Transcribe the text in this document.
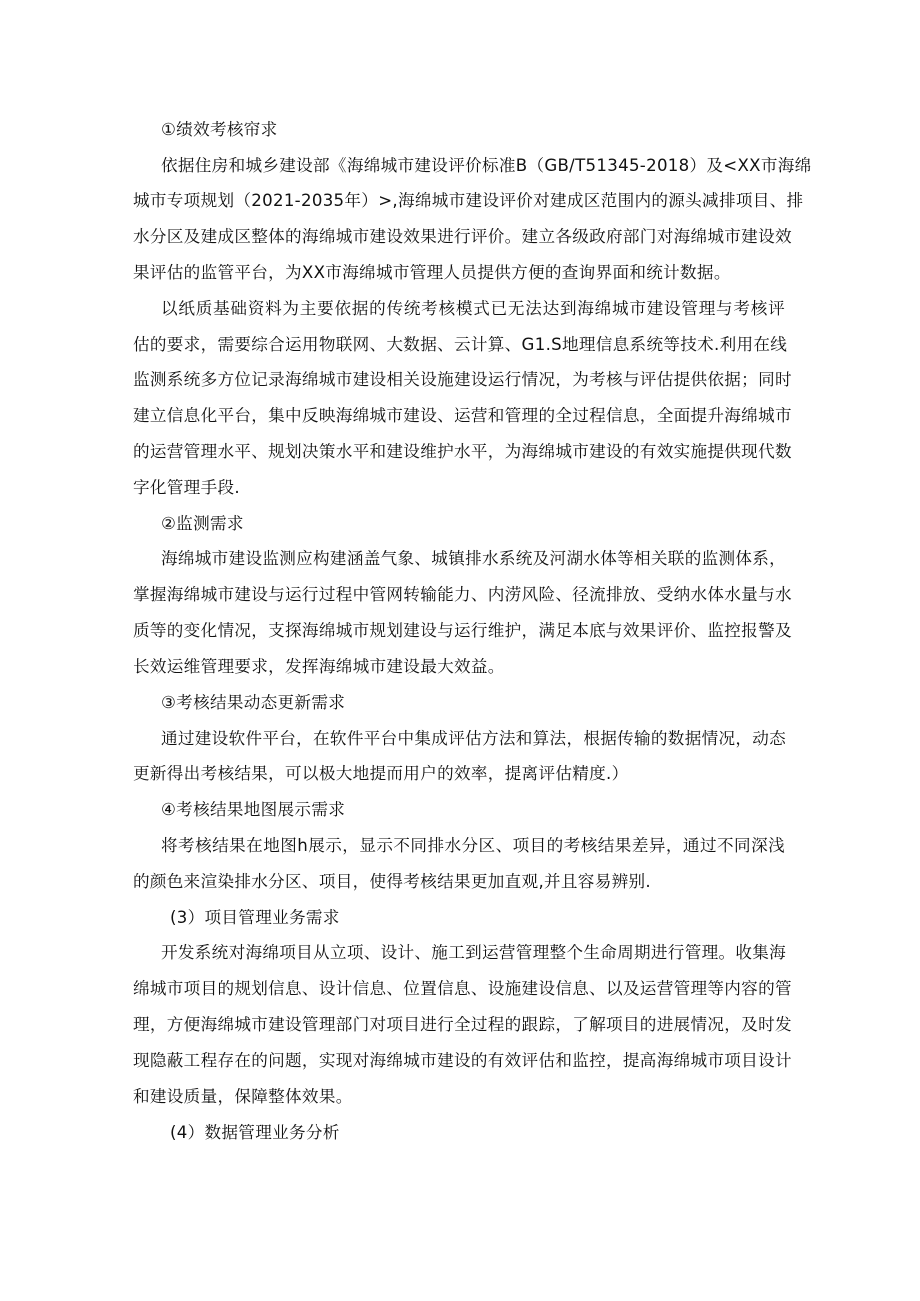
①绩效考核帘求
依据住房和城乡建设部《海绵城市建设评价标准B（GB/T51345-2018）及<XX市海绵
城市专项规划（2021-2035年）>,海绵城市建设评价对建成区范围内的源头减排项目、排
水分区及建成区整体的海绵城市建设效果进行评价。建立各级政府部门对海绵城市建设效
果评估的监管平台，为XX市海绵城市管理人员提供方便的查询界面和统计数据。
以纸质基础资料为主要依据的传统考核模式已无法达到海绵城市建设管理与考核评
估的要求，需要综合运用物联网、大数据、云计算、G1.S地理信息系统等技术.利用在线
监测系统多方位记录海绵城市建设相关设施建设运行情况，为考核与评估提供依据；同时
建立信息化平台，集中反映海绵城市建设、运营和管理的全过程信息，全面提升海绵城市
的运营管理水平、规划决策水平和建设维护水平，为海绵城市建设的有效实施提供现代数
字化管理手段.
②监测需求
海绵城市建设监测应构建涵盖气象、城镇排水系统及河湖水体等相关联的监测体系，
掌握海绵城市建设与运行过程中管网转输能力、内涝风险、径流排放、受纳水体水量与水
质等的变化情况，支探海绵城市规划建设与运行维护，满足本底与效果评价、监控报警及
长效运维管理要求，发挥海绵城市建设最大效益。
③考核结果动态更新需求
通过建设软件平台，在软件平台中集成评估方法和算法，根据传输的数据情况，动态
更新得出考核结果，可以极大地提而用户的效率，提离评估精度.）
④考核结果地图展示需求
将考核结果在地图h展示，显示不同排水分区、项目的考核结果差异，通过不同深浅
的颜色来渲染排水分区、项目，使得考核结果更加直观,并且容易辨别.
(3）项目管理业务需求
开发系统对海绵项目从立项、设计、施工到运营管理整个生命周期进行管理。收集海
绵城市项目的规划信息、设计信息、位置信息、设施建设信息、以及运营管理等内容的管
理，方便海绵城市建设管理部门对项目进行全过程的跟踪，了解项目的进展情况，及时发
现隐蔽工程存在的问题，实现对海绵城市建设的有效评估和监控，提高海绵城市项目设计
和建设质量，保障整体效果。
(4）数据管理业务分析
